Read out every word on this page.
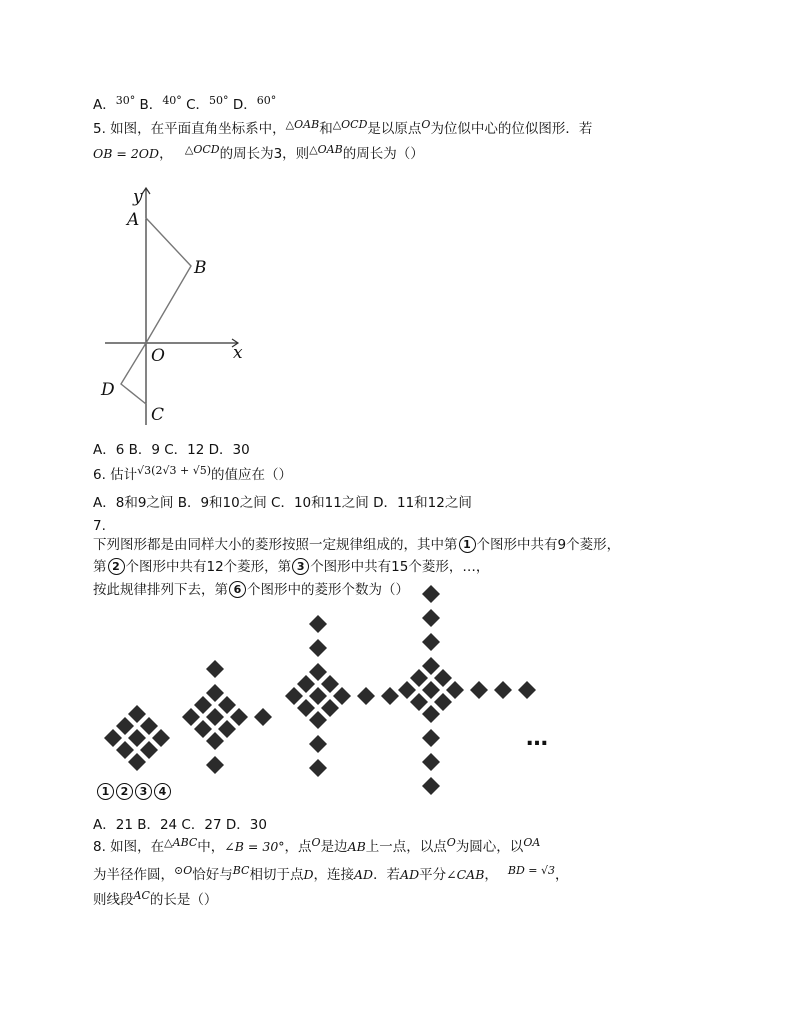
A．$^{30^\circ}$ B．$^{40^\circ}$ C．$^{50^\circ}$ D．$^{60^\circ}$
5. 如图，在平面直角坐标系中，$^{\triangle OAB}$和$^{\triangle OCD}$是以原点$^O$为位似中心的位似图形．若
OB = 2OD， $^{\triangle OCD}$的周长为3，则$^{\triangle OAB}$的周长为（）
y
A
B
O	x
D
C
A．6 B．9 C．12 D．30
6. 估计$^{√3(2√3 + √5)}$的值应在（）
A．8和9之间 B．9和10之间 C．10和11之间 D．11和12之间
7.
下列图形都是由同样大小的菱形按照一定规律组成的，其中第 1 个图形中共有9个菱形，
第 2 个图形中共有12个菱形，第 3 个图形中共有15个菱形，…，
按此规律排列下去，第 6 个图形中的菱形个数为（）
…
1 2 3 4
A．21 B．24 C．27 D．30
8. 如图，在$^{\triangle ABC}$中，∠B = 30°，点$^O$是边AB上一点，以点$^O$为圆心，以$^{OA}$
为半径作圆，$^{⊙O}$恰好与$^{BC}$相切于点D，连接AD．若AD平分∠CAB， $^{BD = √3}$，
则线段$^{AC}$的长是（）
